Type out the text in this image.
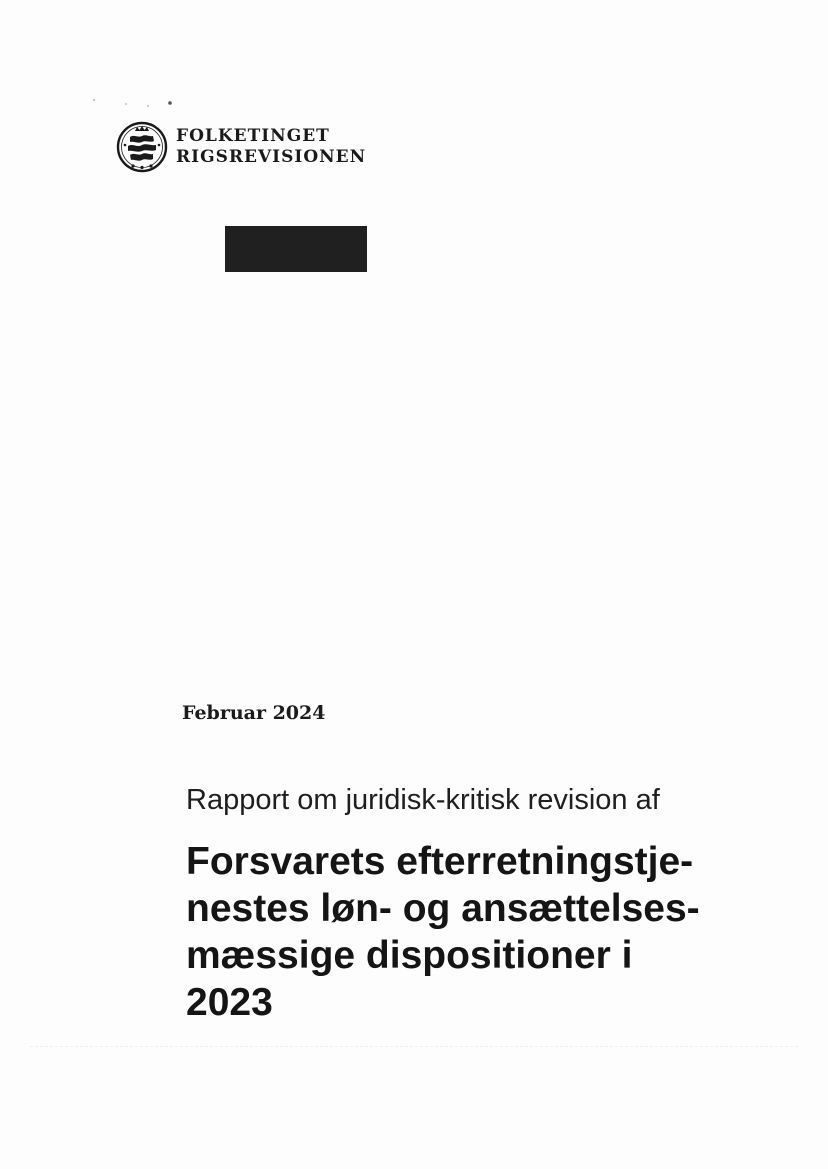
FOLKETINGET
RIGSREVISIONEN
Februar 2024
Rapport om juridisk-kritisk revision af
Forsvarets efterretningstje-
nestes løn- og ansættelses-
mæssige dispositioner i
2023
